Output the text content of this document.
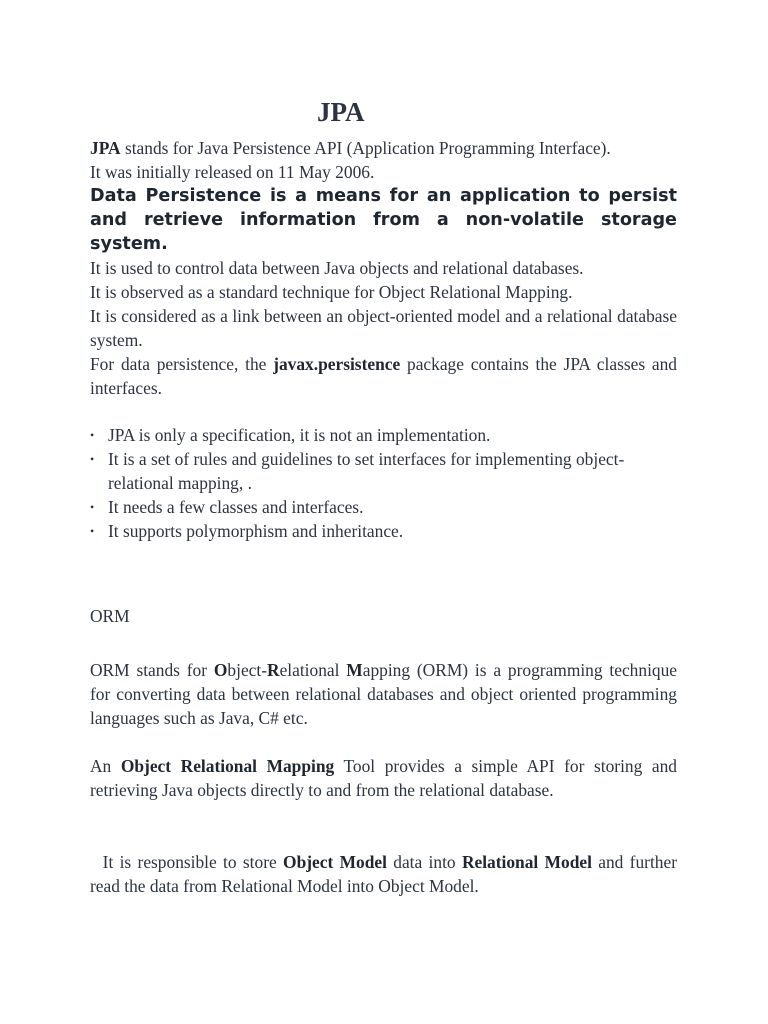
JPA

JPA stands for Java Persistence API (Application Programming Interface).

It was initially released on 11 May 2006.

Data Persistence is a means for an application to persist and retrieve information from a non-volatile storage system.

It is used to control data between Java objects and relational databases.

It is observed as a standard technique for Object Relational Mapping.

It is considered as a link between an object-oriented model and a relational database system.

For data persistence, the javax.persistence package contains the JPA classes and interfaces.

• JPA is only a specification, it is not an implementation.
• It is a set of rules and guidelines to set interfaces for implementing object-relational mapping, .
• It needs a few classes and interfaces.
• It supports polymorphism and inheritance.

ORM

ORM stands for Object-Relational Mapping (ORM) is a programming technique for converting data between relational databases and object oriented programming languages such as Java, C# etc.

An Object Relational Mapping Tool provides a simple API for storing and retrieving Java objects directly to and from the relational database.

It is responsible to store Object Model data into Relational Model and further read the data from Relational Model into Object Model.
